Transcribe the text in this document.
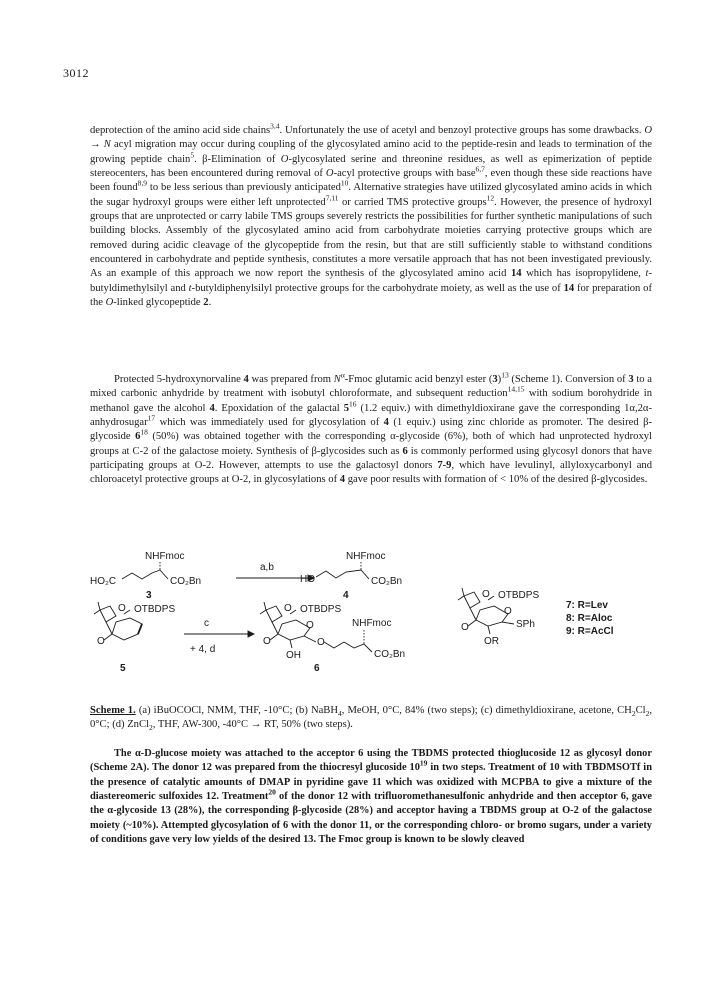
3012

deprotection of the amino acid side chains$^{3,4}$. Unfortunately the use of acetyl and benzoyl protective groups has some drawbacks. O → N acyl migration may occur during coupling of the glycosylated amino acid to the peptide-resin and leads to termination of the growing peptide chain$^5$. β-Elimination of O-glycosylated serine and threonine residues, as well as epimerization of peptide stereocenters, has been encountered during removal of O-acyl protective groups with base$^{6,7}$, even though these side reactions have been found$^{8,9}$ to be less serious than previously anticipated$^{10}$. Alternative strategies have utilized glycosylated amino acids in which the sugar hydroxyl groups were either left unprotected$^{7,11}$ or carried TMS protective groups$^{12}$. However, the presence of hydroxyl groups that are unprotected or carry labile TMS groups severely restricts the possibilities for further synthetic manipulations of such building blocks. Assembly of the glycosylated amino acid from carbohydrate moieties carrying protective groups which are removed during acidic cleavage of the glycopeptide from the resin, but that are still sufficiently stable to withstand conditions encountered in carbohydrate and peptide synthesis, constitutes a more versatile approach that has not been investigated previously. As an example of this approach we now report the synthesis of the glycosylated amino acid 14 which has isopropylidene, t-butyldimethylsilyl and t-butyldiphenylsilyl protective groups for the carbohydrate moiety, as well as the use of 14 for preparation of the O-linked glycopeptide 2.

Protected 5-hydroxynorvaline 4 was prepared from $N^\alpha$-Fmoc glutamic acid benzyl ester $(3)^{13}$ (Scheme 1). Conversion of 3 to a mixed carbonic anhydride by treatment with isobutyl chloroformate, and subsequent reduction$^{14,15}$ with sodium borohydride in methanol gave the alcohol 4. Epoxidation of the galactal $5^{16}$ (1.2 equiv.) with dimethyldioxirane gave the corresponding 1α,2α-anhydrosugar$^{17}$ which was immediately used for glycosylation of 4 (1 equiv.) using zinc chloride as promoter. The desired β-glycoside $6^{18}$ (50%) was obtained together with the corresponding α-glycoside (6%), both of which had unprotected hydroxyl groups at C-2 of the galactose moiety. Synthesis of β-glycosides such as 6 is commonly performed using glycosyl donors that have participating groups at O-2. However, attempts to use the galactosyl donors 7-9, which have levulinyl, allyloxycarbonyl and chloroacetyl protective groups at O-2, in glycosylations of 4 gave poor results with formation of < 10% of the desired β-glycosides.

NHFmoc
HO₂C	CO₂Bn
3
a,b
NHFmoc
HO	CO₂Bn
4
O OTBDPS
O
5
c
+ 4, d
O OTBDPS
O
O
OH
O
NHFmoc
CO₂Bn
6
O OTBDPS
O
O	SPh
OR
7: R=Lev
8: R=Aloc
9: R=AcCl

Scheme 1. (a) iBuOCOCl, NMM, THF, -10°C; (b) NaBH$_4$, MeOH, 0°C, 84% (two steps); (c) dimethyldioxirane, acetone, $CH_2Cl_2$, 0°C; (d) ZnCl$_2$, THF, AW-300, -40°C → RT, 50% (two steps).

The α-D-glucose moiety was attached to the acceptor 6 using the TBDMS protected thioglucoside 12 as glycosyl donor (Scheme 2A). The donor 12 was prepared from the thiocresyl glucoside $10^{19}$ in two steps. Treatment of 10 with TBDMSOTf in the presence of catalytic amounts of DMAP in pyridine gave 11 which was oxidized with MCPBA to give a mixture of the diastereomeric sulfoxides 12. Treatment$^{20}$ of the donor 12 with trifluoromethanesulfonic anhydride and then acceptor 6, gave the α-glycoside 13 (28%), the corresponding β-glycoside (28%) and acceptor having a TBDMS group at O-2 of the galactose moiety (~10%). Attempted glycosylation of 6 with the donor 11, or the corresponding chloro- or bromo sugars, under a variety of conditions gave very low yields of the desired 13. The Fmoc group is known to be slowly cleaved
